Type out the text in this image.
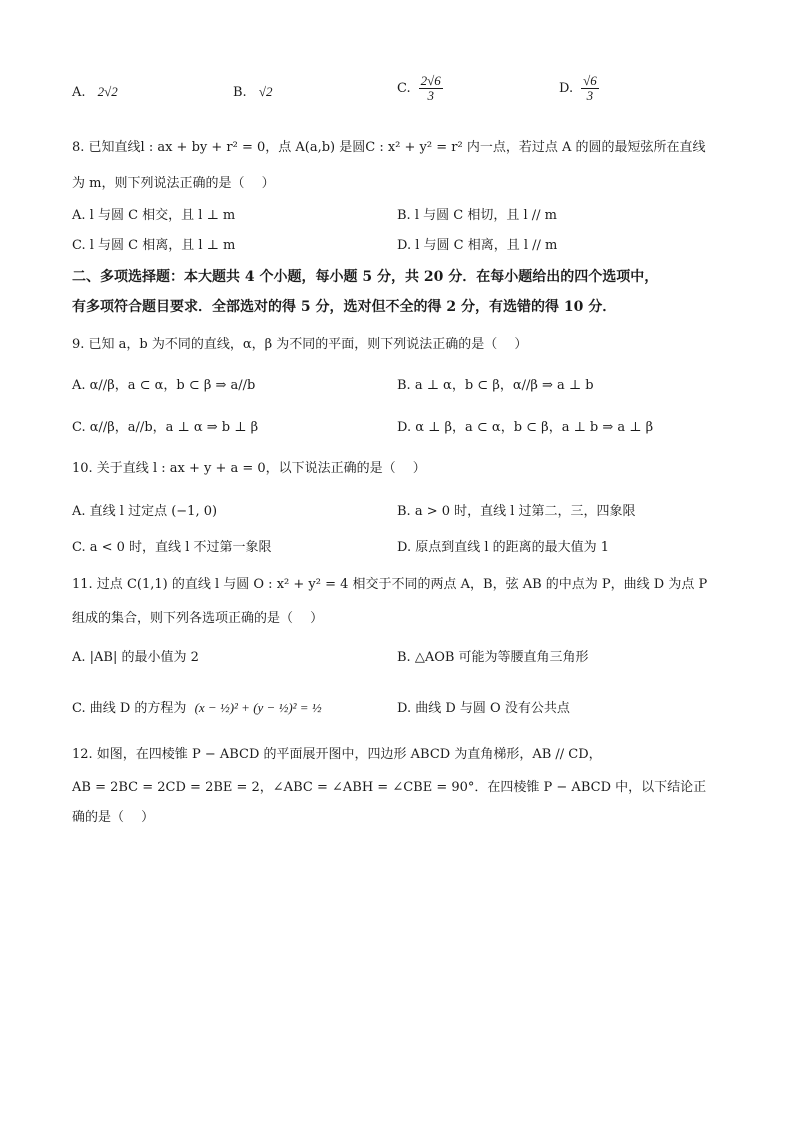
A. 2√2	B. √2	C. $\frac{2√6}{3}$	D. $\frac{√6}{3}$
8. 已知直线l : ax + by + r² = 0，点 A(a,b) 是圆C : x² + y² = r² 内一点，若过点 A 的圆的最短弦所在直线
为 m，则下列说法正确的是（　 ）
A. l 与圆 C 相交，且 l ⊥ m	B. l 与圆 C 相切，且 l // m
C. l 与圆 C 相离，且 l ⊥ m	D. l 与圆 C 相离，且 l // m
二、多项选择题：本大题共 4 个小题，每小题 5 分，共 20 分．在每小题给出的四个选项中，
有多项符合题目要求．全部选对的得 5 分，选对但不全的得 2 分，有选错的得 10 分．
9. 已知 a，b 为不同的直线，α，β 为不同的平面，则下列说法正确的是（　 ）
A. α//β，a ⊂ α，b ⊂ β ⇒ a//b	B. a ⊥ α，b ⊂ β，α//β ⇒ a ⊥ b
C. α//β，a//b，a ⊥ α ⇒ b ⊥ β	D. α ⊥ β，a ⊂ α，b ⊂ β，a ⊥ b ⇒ a ⊥ β
10. 关于直线 l : ax + y + a = 0，以下说法正确的是（　 ）
A. 直线 l 过定点 (−1, 0)	B. a > 0 时，直线 l 过第二，三，四象限
C. a < 0 时，直线 l 不过第一象限	D. 原点到直线 l 的距离的最大值为 1
11. 过点 C(1,1) 的直线 l 与圆 O : x² + y² = 4 相交于不同的两点 A，B，弦 AB 的中点为 P，曲线 D 为点 P
组成的集合，则下列各选项正确的是（　 ）
A. |AB| 的最小值为 2	B. △AOB 可能为等腰直角三角形
C. 曲线 D 的方程为 (x − ½)² + (y − ½)² = ½	D. 曲线 D 与圆 O 没有公共点
12. 如图，在四棱锥 P − ABCD 的平面展开图中，四边形 ABCD 为直角梯形，AB // CD，
AB = 2BC = 2CD = 2BE = 2，∠ABC = ∠ABH = ∠CBE = 90°．在四棱锥 P − ABCD 中，以下结论正
确的是（　 ）
